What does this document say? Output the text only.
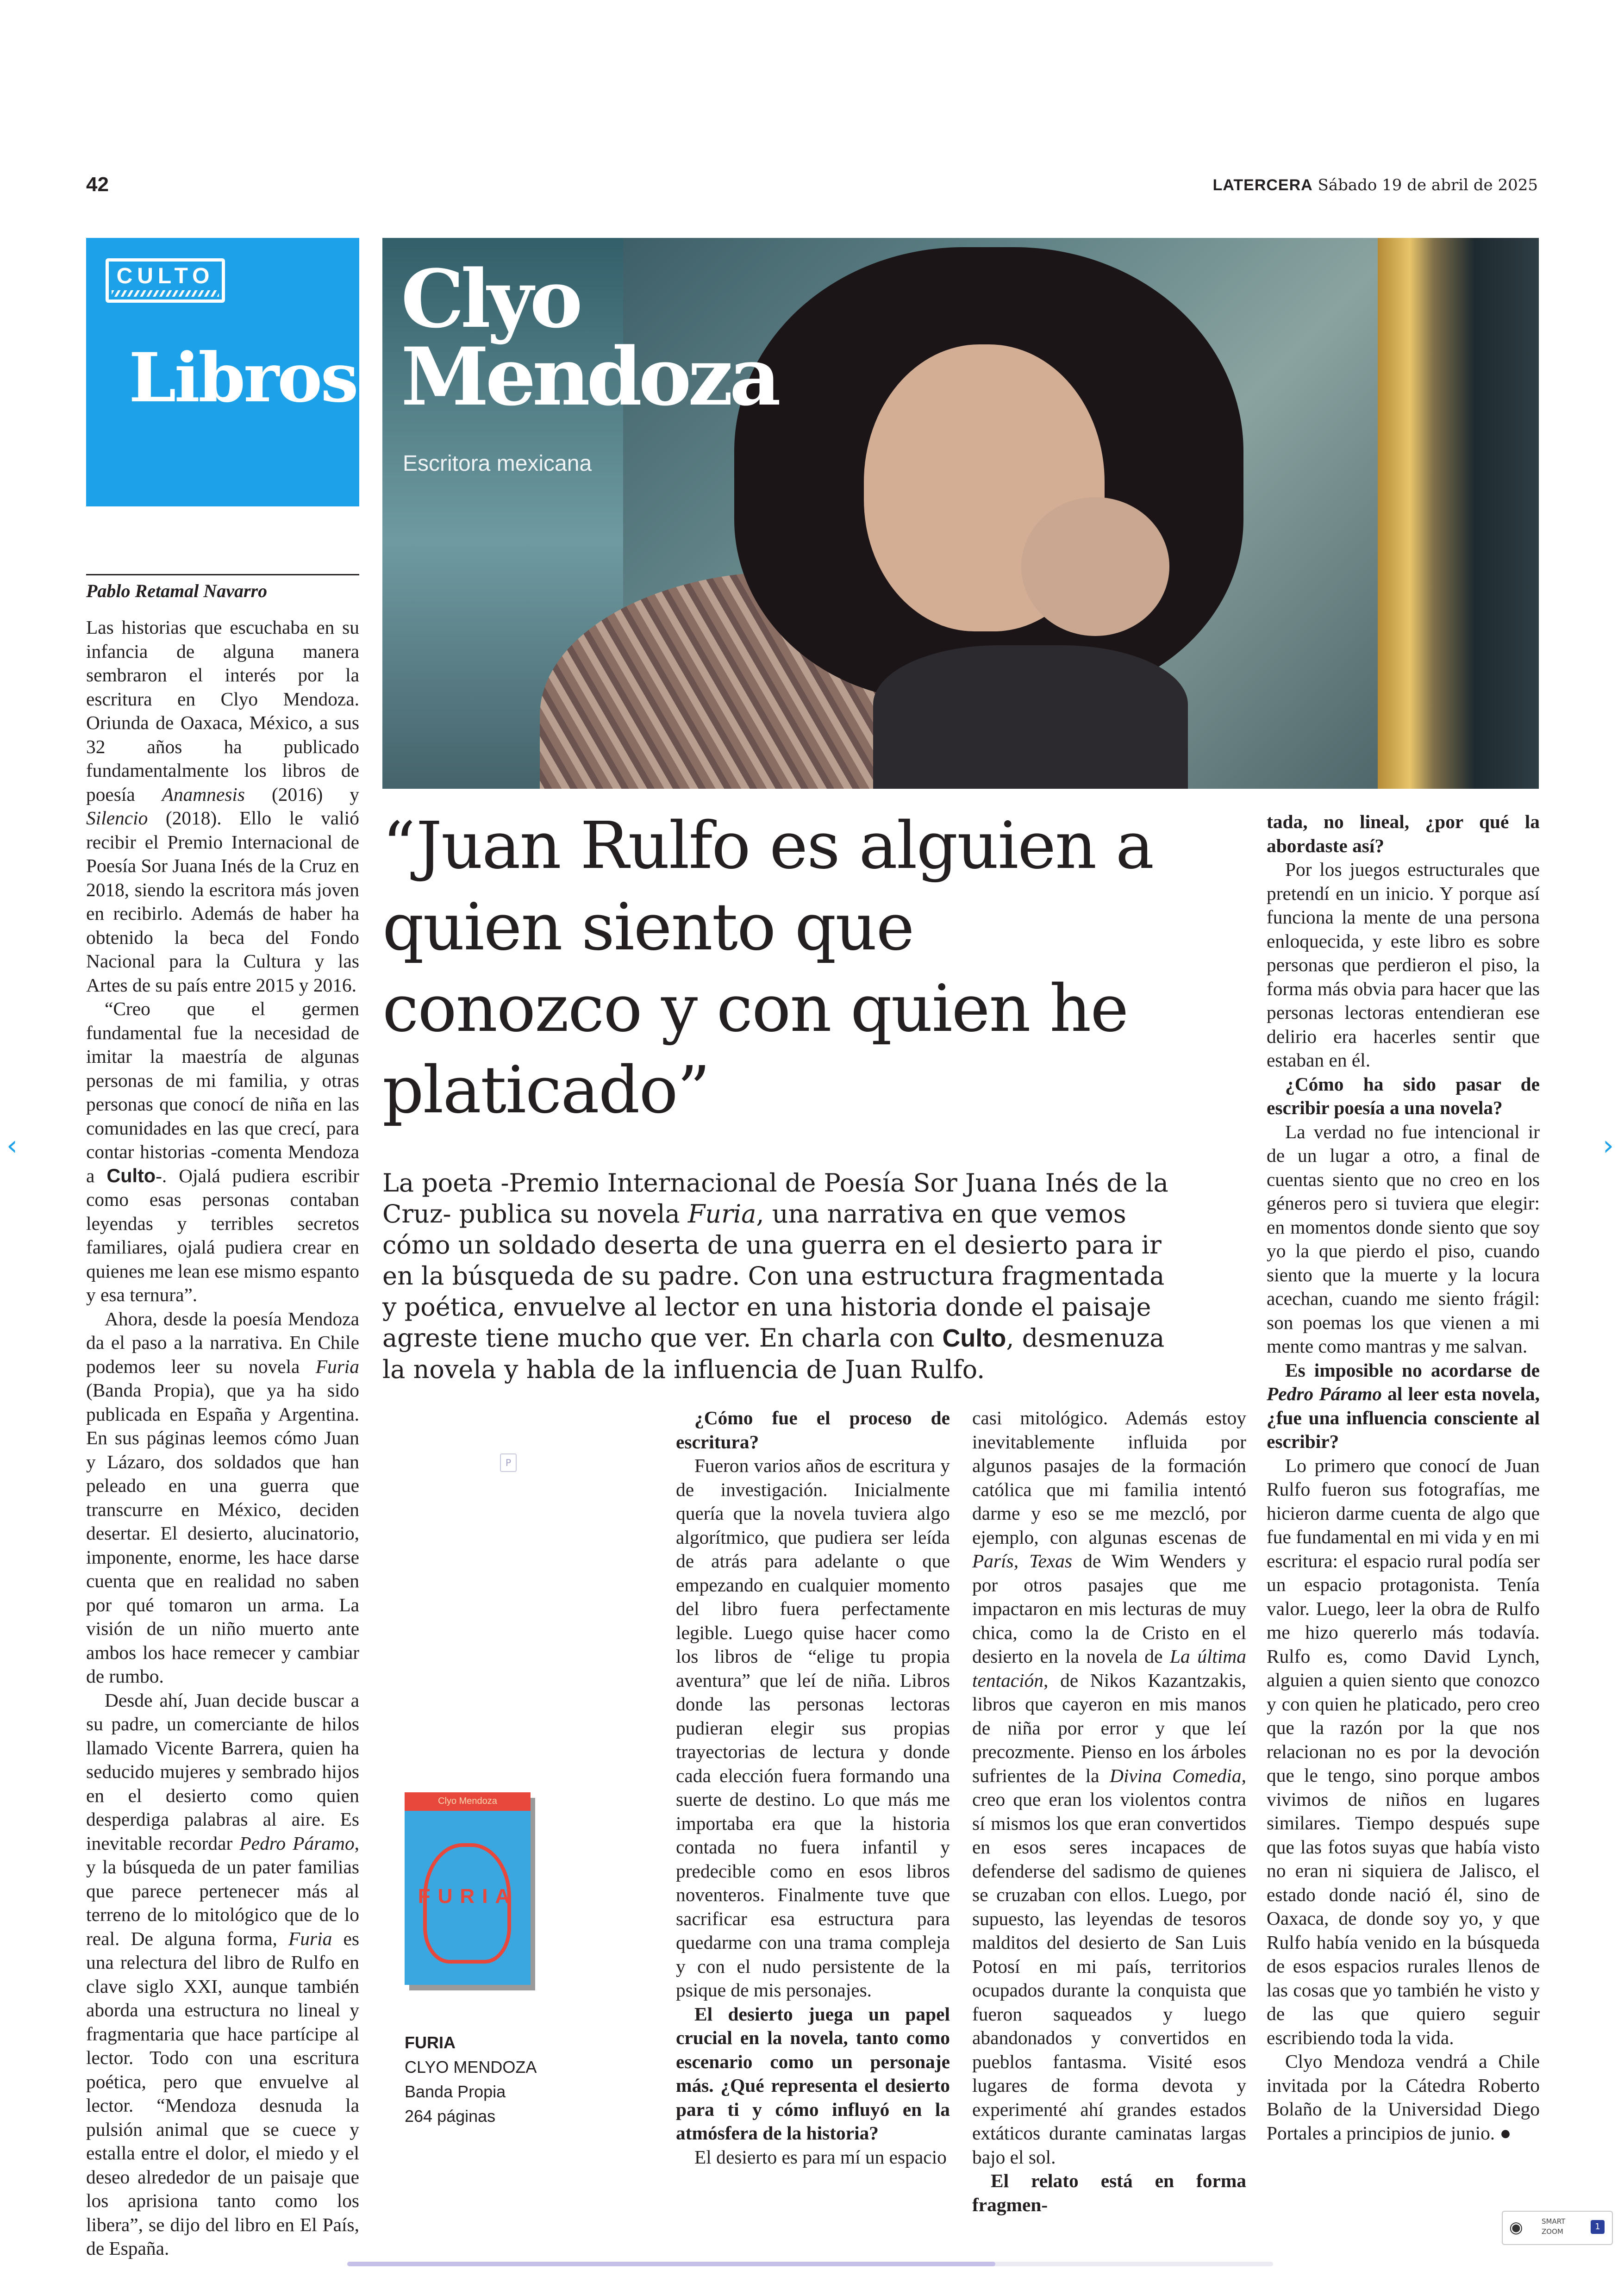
42	LATERCERA Sábado 19 de abril de 2025
CULTO
Libros
Clyo
Mendoza
Escritora mexicana
“Juan Rulfo es alguien a quien siento que conozco y con quien he platicado”
La poeta -Premio Internacional de Poesía Sor Juana Inés de la Cruz- publica su novela Furia, una narrativa en que vemos cómo un soldado deserta de una guerra en el desierto para ir en la búsqueda de su padre. Con una estructura fragmentada y poética, envuelve al lector en una historia donde el paisaje agreste tiene mucho que ver. En charla con Culto, desmenuza la novela y habla de la influencia de Juan Rulfo.
Pablo Retamal Navarro

Las historias que escuchaba en su infancia de alguna manera sembraron el interés por la escritura en Clyo Mendoza. Oriunda de Oaxaca, México, a sus 32 años ha publicado fundamentalmente los libros de poesía Anamnesis (2016) y Silencio (2018). Ello le valió recibir el Premio Internacional de Poesía Sor Juana Inés de la Cruz en 2018, siendo la escritora más joven en recibirlo. Además de haber ha obtenido la beca del Fondo Nacional para la Cultura y las Artes de su país entre 2015 y 2016.

“Creo que el germen fundamental fue la necesidad de imitar la maestría de algunas personas de mi familia, y otras personas que conocí de niña en las comunidades en las que crecí, para contar historias -comenta Mendoza a Culto-. Ojalá pudiera escribir como esas personas contaban leyendas y terribles secretos familiares, ojalá pudiera crear en quienes me lean ese mismo espanto y esa ternura”.

Ahora, desde la poesía Mendoza da el paso a la narrativa. En Chile podemos leer su novela Furia (Banda Propia), que ya ha sido publicada en España y Argentina. En sus páginas leemos cómo Juan y Lázaro, dos soldados que han peleado en una guerra que transcurre en México, deciden desertar. El desierto, alucinatorio, imponente, enorme, les hace darse cuenta que en realidad no saben por qué tomaron un arma. La visión de un niño muerto ante ambos los hace remecer y cambiar de rumbo.

Desde ahí, Juan decide buscar a su padre, un comerciante de hilos llamado Vicente Barrera, quien ha seducido mujeres y sembrado hijos en el desierto como quien desperdiga palabras al aire. Es inevitable recordar Pedro Páramo, y la búsqueda de un pater familias que parece pertenecer más al terreno de lo mitológico que de lo real. De alguna forma, Furia es una relectura del libro de Rulfo en clave siglo XXI, aunque también aborda una estructura no lineal y fragmentaria que hace partícipe al lector. Todo con una escritura poética, pero que envuelve al lector. “Mendoza desnuda la pulsión animal que se cuece y estalla entre el dolor, el miedo y el deseo alrededor de un paisaje que los aprisiona tanto como los libera”, se dijo del libro en El País, de España.

¿Cómo fue el proceso de escritura?

Fueron varios años de escritura y de investigación. Inicialmente quería que la novela tuviera algo algorítmico, que pudiera ser leída de atrás para adelante o que empezando en cualquier momento del libro fuera perfectamente legible. Luego quise hacer como los libros de “elige tu propia aventura” que leí de niña. Libros donde las personas lectoras pudieran elegir sus propias trayectorias de lectura y donde cada elección fuera formando una suerte de destino. Lo que más me importaba era que la historia contada no fuera infantil y predecible como en esos libros noventeros. Finalmente tuve que sacrificar esa estructura para quedarme con una trama compleja y con el nudo persistente de la psique de mis personajes.

El desierto juega un papel crucial en la novela, tanto como escenario como un personaje más. ¿Qué representa el desierto para ti y cómo influyó en la atmósfera de la historia?

El desierto es para mí un espacio

casi mitológico. Además estoy inevitablemente influida por algunos pasajes de la formación católica que mi familia intentó darme y eso se me mezcló, por ejemplo, con algunas escenas de París, Texas de Wim Wenders y por otros pasajes que me impactaron en mis lecturas de muy chica, como la de Cristo en el desierto en la novela de La última tentación, de Nikos Kazantzakis, libros que cayeron en mis manos de niña por error y que leí precozmente. Pienso en los árboles sufrientes de la Divina Comedia, creo que eran los violentos contra sí mismos los que eran convertidos en esos seres incapaces de defenderse del sadismo de quienes se cruzaban con ellos. Luego, por supuesto, las leyendas de tesoros malditos del desierto de San Luis Potosí en mi país, territorios ocupados durante la conquista que fueron saqueados y luego abandonados y convertidos en pueblos fantasma. Visité esos lugares de forma devota y experimenté ahí grandes estados extáticos durante caminatas largas bajo el sol.

El relato está en forma fragmen-

tada, no lineal, ¿por qué la abordaste así?

Por los juegos estructurales que pretendí en un inicio. Y porque así funciona la mente de una persona enloquecida, y este libro es sobre personas que perdieron el piso, la forma más obvia para hacer que las personas lectoras entendieran ese delirio era hacerles sentir que estaban en él.

¿Cómo ha sido pasar de escribir poesía a una novela?

La verdad no fue intencional ir de un lugar a otro, a final de cuentas siento que no creo en los géneros pero si tuviera que elegir: en momentos donde siento que soy yo la que pierdo el piso, cuando siento que la muerte y la locura acechan, cuando me siento frágil: son poemas los que vienen a mi mente como mantras y me salvan.

Es imposible no acordarse de Pedro Páramo al leer esta novela, ¿fue una influencia consciente al escribir?

Lo primero que conocí de Juan Rulfo fueron sus fotografías, me hicieron darme cuenta de algo que fue fundamental en mi vida y en mi escritura: el espacio rural podía ser un espacio protagonista. Tenía valor. Luego, leer la obra de Rulfo me hizo quererlo más todavía. Rulfo es, como David Lynch, alguien a quien siento que conozco y con quien he platicado, pero creo que la razón por la que nos relacionan no es por la devoción que le tengo, sino porque ambos vivimos de niños en lugares similares. Tiempo después supe que las fotos suyas que había visto no eran ni siquiera de Jalisco, el estado donde nació él, sino de Oaxaca, de donde soy yo, y que Rulfo había venido en la búsqueda de esos espacios rurales llenos de las cosas que yo también he visto y de las que quiero seguir escribiendo toda la vida.

Clyo Mendoza vendrá a Chile invitada por la Cátedra Roberto Bolaño de la Universidad Diego Portales a principios de junio. ●

Clyo Mendoza
FURIA
FURIA
CLYO MENDOZA
Banda Propia
264 páginas
‹	›
P
◉	SMART
ZOOM	1
